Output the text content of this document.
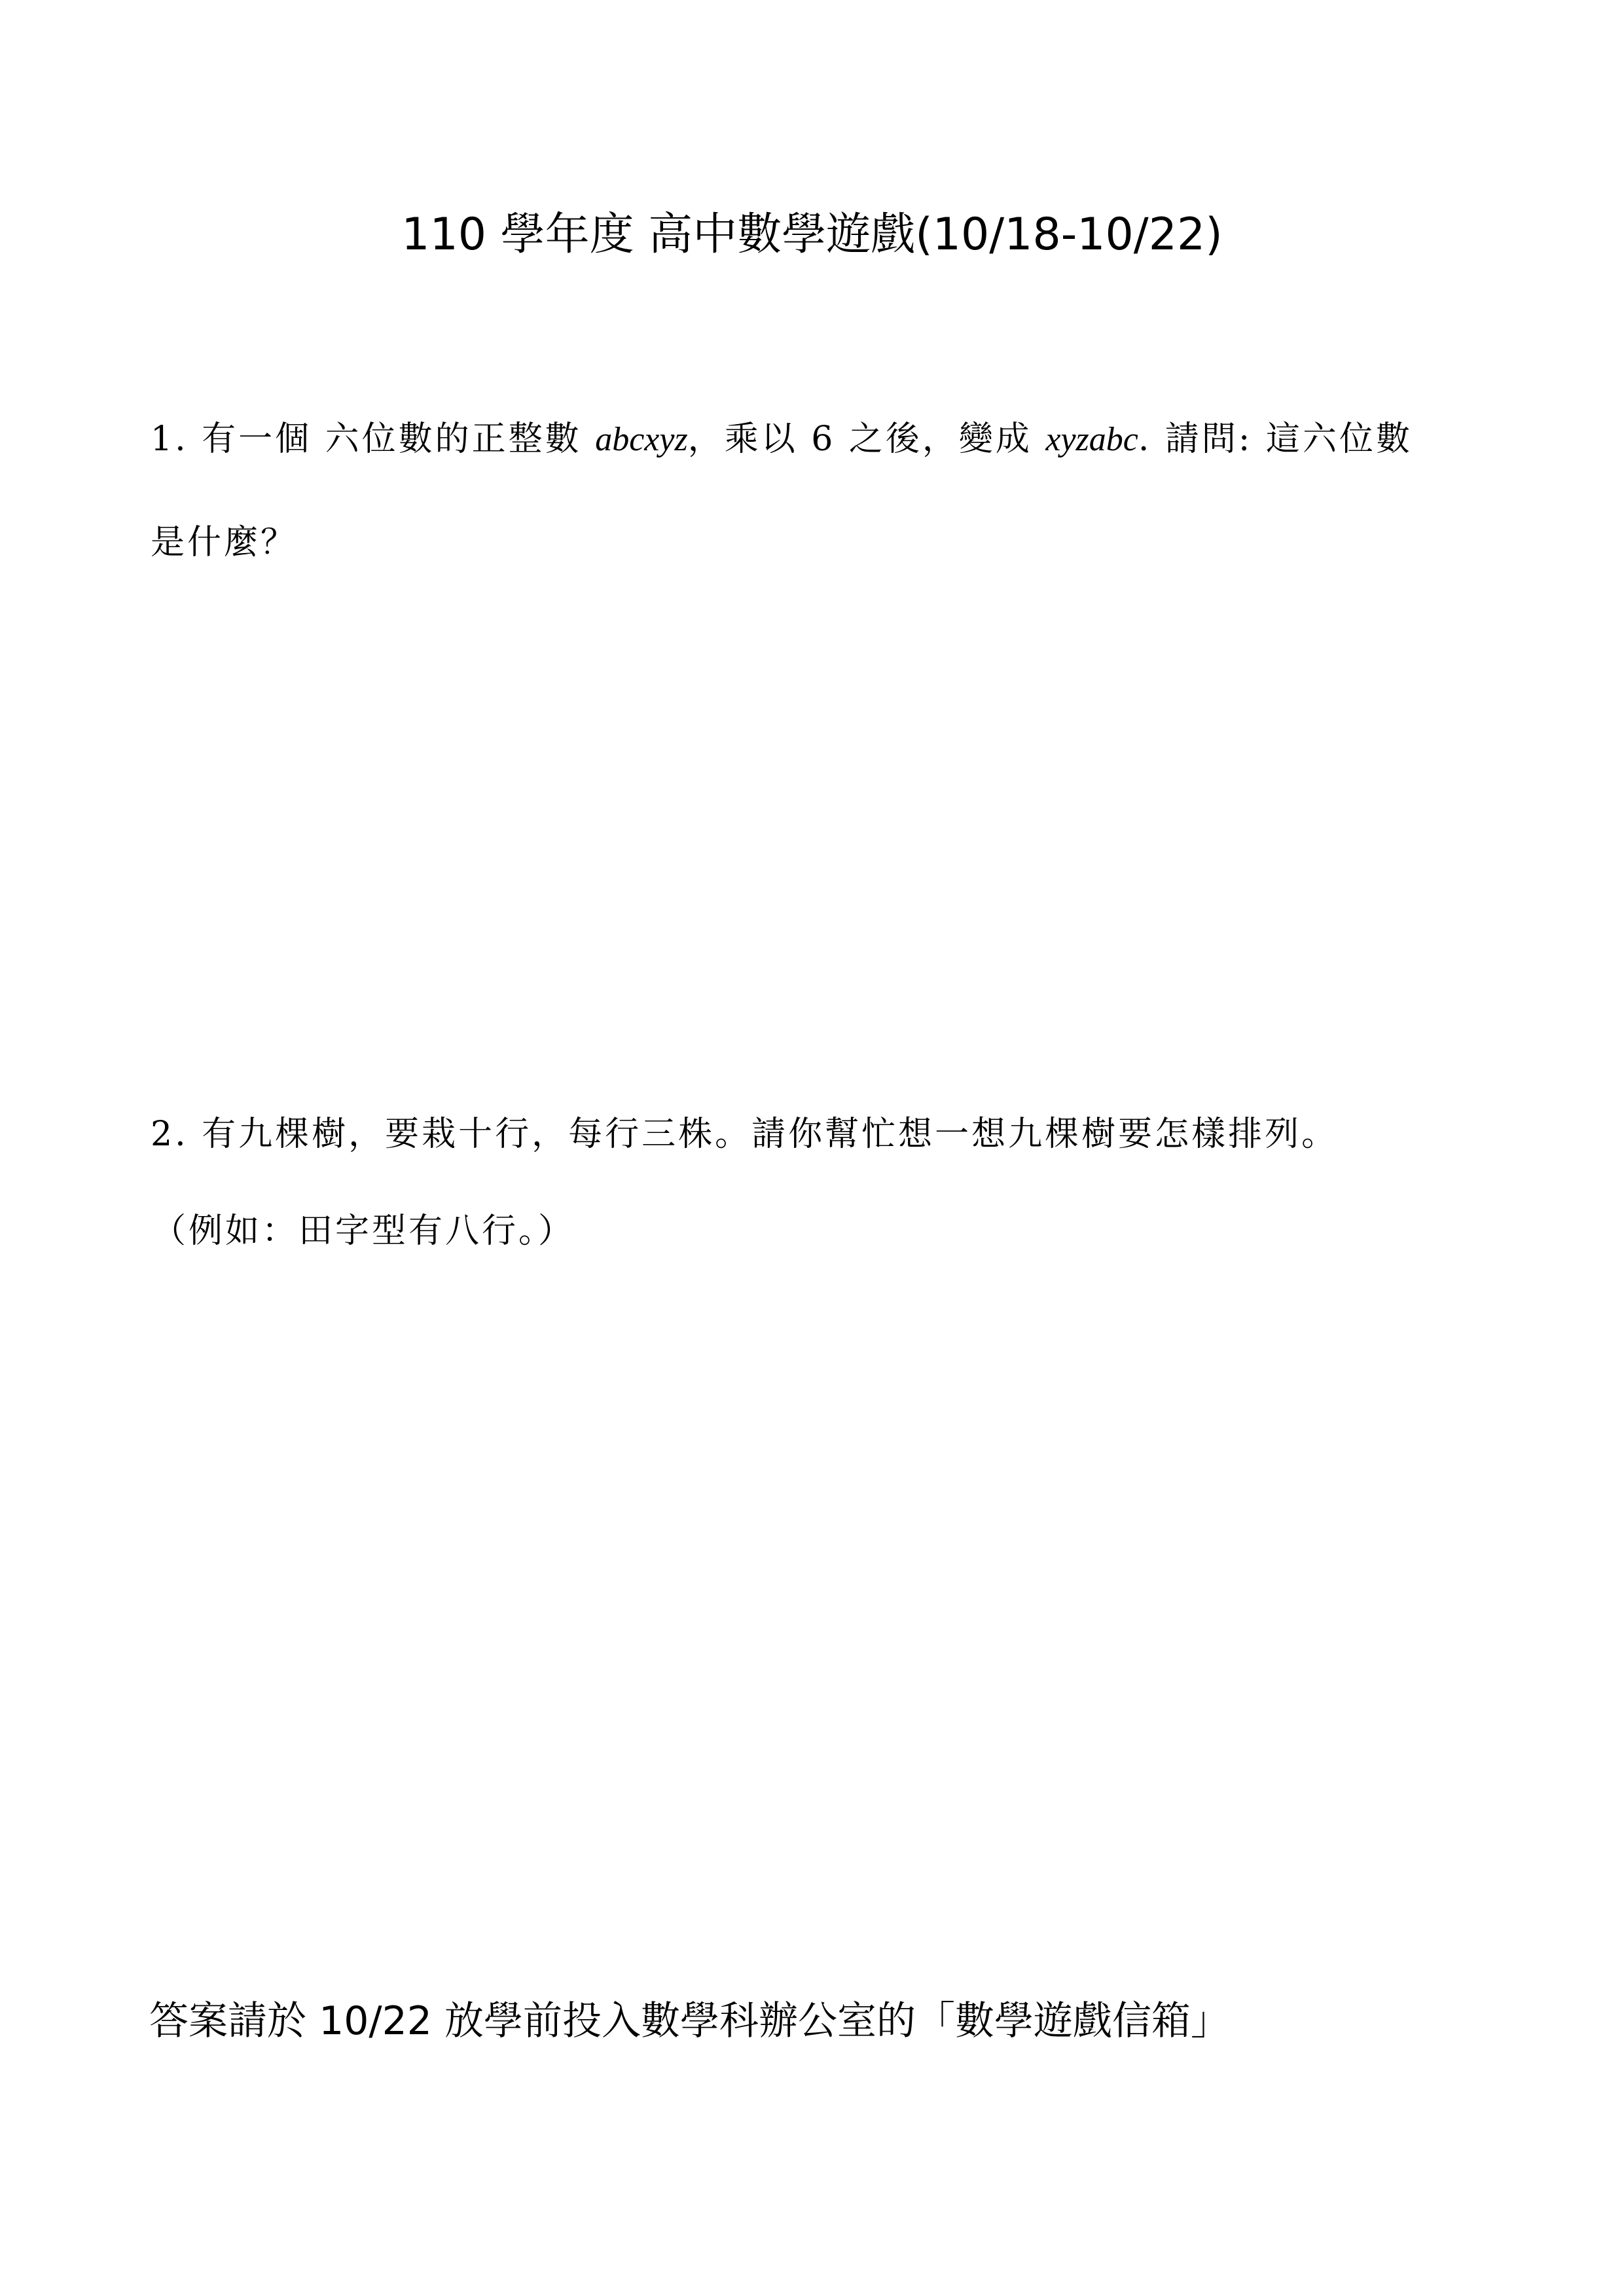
110 學年度 高中數學遊戲(10/18-10/22)
1. 有一個 六位數的正整數 abcxyz，乘以 6 之後，變成 xyzabc. 請問: 這六位數
是什麼？
2. 有九棵樹，要栽十行，每行三株。請你幫忙想一想九棵樹要怎樣排列。
（例如：田字型有八行。）
答案請於 10/22 放學前投入數學科辦公室的「數學遊戲信箱」
